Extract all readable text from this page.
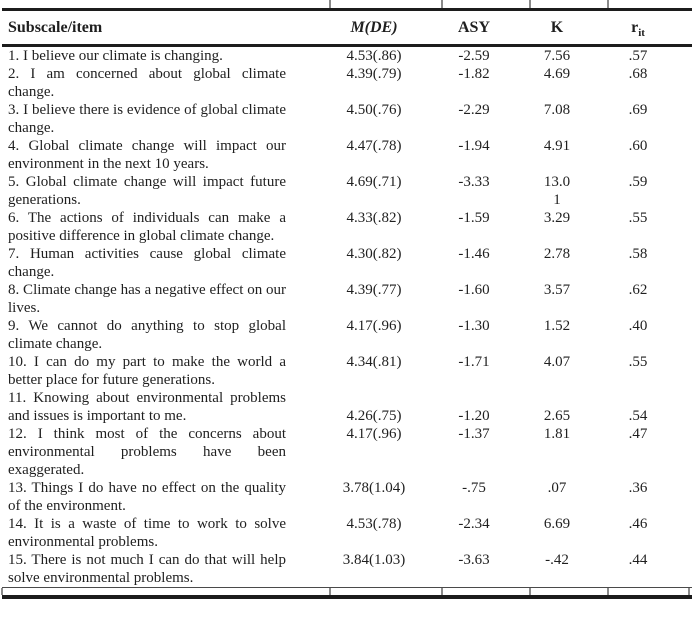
Subscale/item	M(DE)	ASY	K	$r_{it}$
1. I believe our climate is changing.	4.53(.86)	-2.59	7.56	.57
2. I am concerned about global climate change.	4.39(.79)	-1.82	4.69	.68
3. I believe there is evidence of global climate change.	4.50(.76)	-2.29	7.08	.69
4. Global climate change will impact our environment in the next 10 years.	4.47(.78)	-1.94	4.91	.60
5. Global climate change will impact future generations.	4.69(.71)	-3.33	13.01	.59
6. The actions of individuals can make a positive difference in global climate change.	4.33(.82)	-1.59	3.29	.55
7. Human activities cause global climate change.	4.30(.82)	-1.46	2.78	.58
8. Climate change has a negative effect on our lives.	4.39(.77)	-1.60	3.57	.62
9. We cannot do anything to stop global climate change.	4.17(.96)	-1.30	1.52	.40
10. I can do my part to make the world a better place for future generations.	4.34(.81)	-1.71	4.07	.55
11. Knowing about environmental problems and issues is important to me.	4.26(.75)	-1.20	2.65	.54
12. I think most of the concerns about environmental problems have been exaggerated.	4.17(.96)	-1.37	1.81	.47
13. Things I do have no effect on the quality of the environment.	3.78(1.04)	-.75	.07	.36
14. It is a waste of time to work to solve environmental problems.	4.53(.78)	-2.34	6.69	.46
15. There is not much I can do that will help solve environmental problems.	3.84(1.03)	-3.63	-.42	.44
